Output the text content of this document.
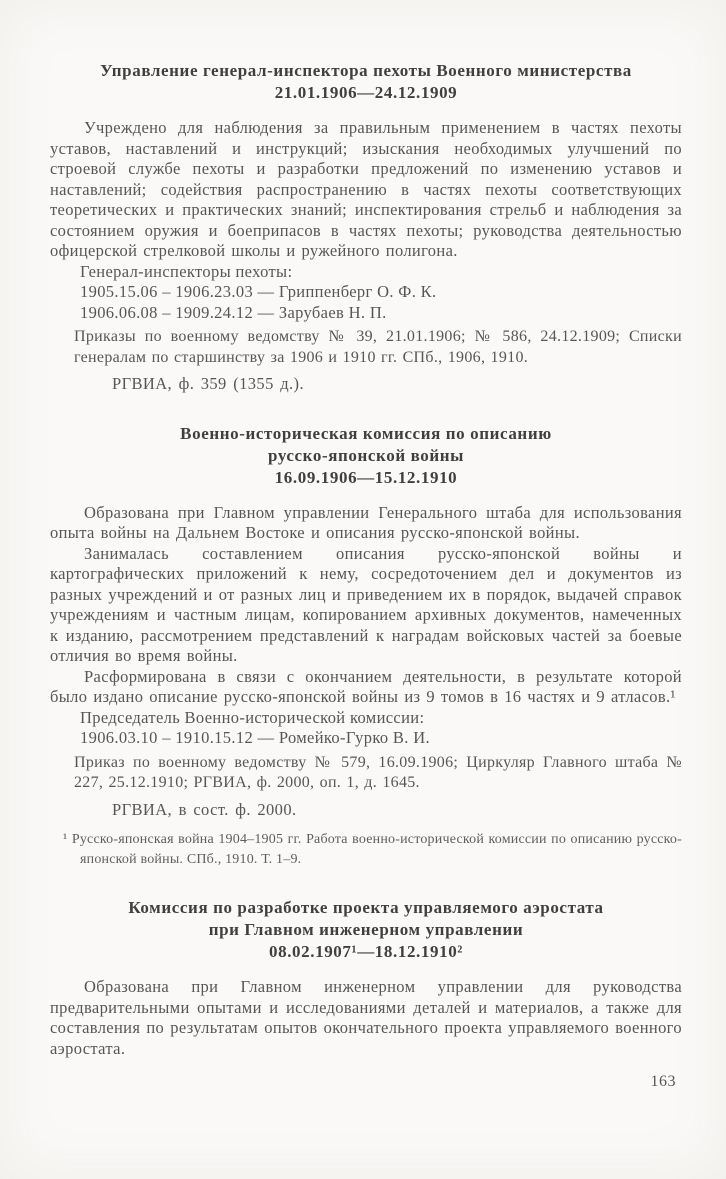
Управление генерал-инспектора пехоты Военного министерства
21.01.1906—24.12.1909

Учреждено для наблюдения за правильным применением в частях пехоты уставов, наставлений и инструкций; изыскания необходимых улучшений по строевой службе пехоты и разработки предложений по изменению уставов и наставлений; содействия распространению в частях пехоты соответствующих теоретических и практических знаний; инспектирования стрельб и наблюдения за состоянием оружия и боеприпасов в частях пехоты; руководства деятельностью офицерской стрелковой школы и ружейного полигона.

Генерал-инспекторы пехоты:

1905.15.06 – 1906.23.03 — Гриппенберг О. Ф. К.

1906.06.08 – 1909.24.12 — Зарубаев Н. П.

Приказы по военному ведомству № 39, 21.01.1906; № 586, 24.12.1909; Списки генералам по старшинству за 1906 и 1910 гг. СПб., 1906, 1910.

РГВИА, ф. 359 (1355 д.).

Военно-историческая комиссия по описанию
русско-японской войны
16.09.1906—15.12.1910

Образована при Главном управлении Генерального штаба для использования опыта войны на Дальнем Востоке и описания русско-японской войны.

Занималась составлением описания русско-японской войны и картографических приложений к нему, сосредоточением дел и документов из разных учреждений и от разных лиц и приведением их в порядок, выдачей справок учреждениям и частным лицам, копированием архивных документов, намеченных к изданию, рассмотрением представлений к наградам войсковых частей за боевые отличия во время войны.

Расформирована в связи с окончанием деятельности, в результате которой было издано описание русско-японской войны из 9 томов в 16 частях и 9 атласов.¹

Председатель Военно-исторической комиссии:

1906.03.10 – 1910.15.12 — Ромейко-Гурко В. И.

Приказ по военному ведомству № 579, 16.09.1906; Циркуляр Главного штаба № 227, 25.12.1910; РГВИА, ф. 2000, оп. 1, д. 1645.

РГВИА, в сост. ф. 2000.

¹ Русско-японская война 1904–1905 гг. Работа военно-исторической комиссии по описанию русско-японской войны. СПб., 1910. Т. 1–9.

Комиссия по разработке проекта управляемого аэростата
при Главном инженерном управлении
08.02.1907¹—18.12.1910²

Образована при Главном инженерном управлении для руководства предварительными опытами и исследованиями деталей и материалов, а также для составления по результатам опытов окончательного проекта управляемого военного аэростата.

163
